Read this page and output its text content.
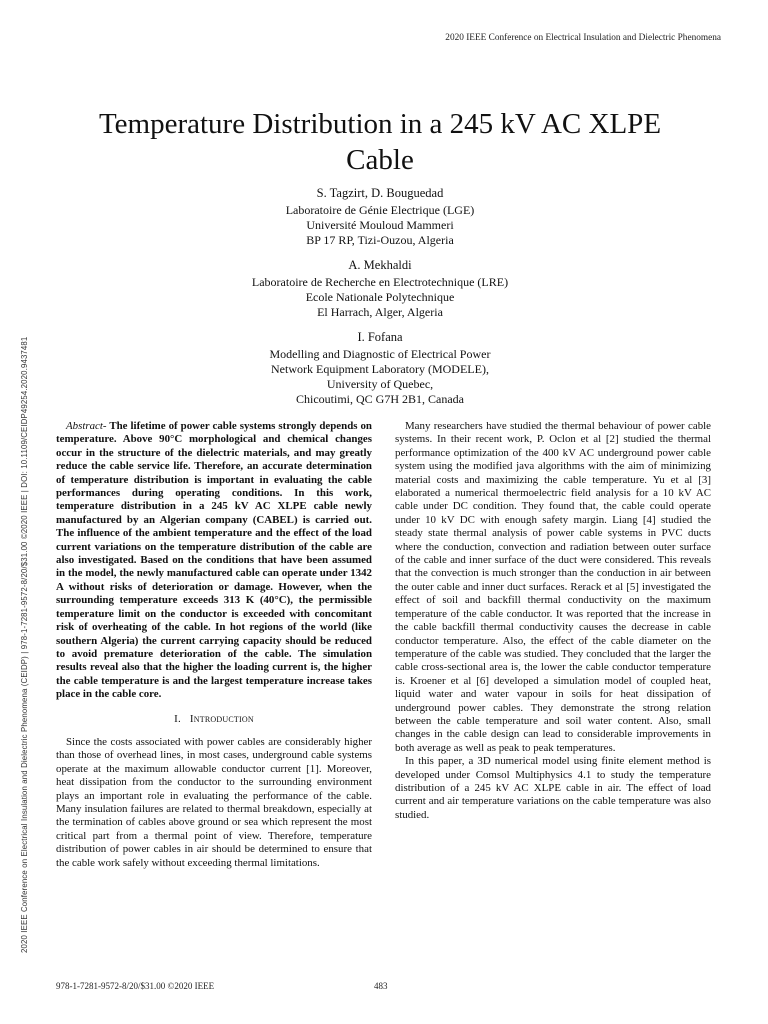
2020 IEEE Conference on Electrical Insulation and Dielectric Phenomena
2020 IEEE Conference on Electrical Insulation and Dielectric Phenomena (CEIDP) | 978-1-7281-9572-8/20/$31.00 ©2020 IEEE | DOI: 10.1109/CEIDP49254.2020.9437481
Temperature Distribution in a 245 kV AC XLPE Cable
S. Tagzirt, D. Bouguedad
Laboratoire de Génie Electrique (LGE)
Université Mouloud Mammeri
BP 17 RP, Tizi-Ouzou, Algeria
A. Mekhaldi
Laboratoire de Recherche en Electrotechnique (LRE)
Ecole Nationale Polytechnique
El Harrach, Alger, Algeria
I. Fofana
Modelling and Diagnostic of Electrical Power
Network Equipment Laboratory (MODELE),
University of Quebec,
Chicoutimi, QC G7H 2B1, Canada

Abstract- The lifetime of power cable systems strongly depends on temperature. Above 90°C morphological and chemical changes occur in the structure of the dielectric materials, and may greatly reduce the cable service life. Therefore, an accurate determination of temperature distribution is important in evaluating the cable performances during operating conditions. In this work, temperature distribution in a 245 kV AC XLPE cable newly manufactured by an Algerian company (CABEL) is carried out. The influence of the ambient temperature and the effect of the load current variations on the temperature distribution of the cable are also investigated. Based on the conditions that have been assumed in the model, the newly manufactured cable can operate under 1342 A without risks of deterioration or damage. However, when the surrounding temperature exceeds 313 K (40°C), the permissible temperature limit on the conductor is exceeded with concomitant risk of overheating of the cable. In hot regions of the world (like southern Algeria) the current carrying capacity should be reduced to avoid premature deterioration of the cable. The simulation results reveal also that the higher the loading current is, the higher the cable temperature is and the largest temperature increase takes place in the cable core.

I. Introduction

Since the costs associated with power cables are considerably higher than those of overhead lines, in most cases, underground cable systems operate at the maximum allowable conductor current [1]. Moreover, heat dissipation from the conductor to the surrounding environment plays an important role in evaluating the performance of the cable. Many insulation failures are related to thermal breakdown, especially at the termination of cables above ground or sea which represent the most critical part from a thermal point of view. Therefore, temperature distribution of power cables in air should be determined to ensure that the cable work safely without exceeding thermal limitations.

Many researchers have studied the thermal behaviour of power cable systems. In their recent work, P. Oclon et al [2] studied the thermal performance optimization of the 400 kV AC underground power cable system using the modified java algorithms with the aim of minimizing material costs and maximizing the cable temperature. Yu et al [3] elaborated a numerical thermoelectric field analysis for a 10 kV AC cable under DC condition. They found that, the cable could operate under 10 kV DC with enough safety margin. Liang [4] studied the steady state thermal analysis of power cable systems in PVC ducts where the conduction, convection and radiation between outer surface of the cable and inner surface of the duct were considered. This reveals that the convection is much stronger than the conduction in air between the outer cable and inner duct surfaces. Rerack et al [5] investigated the effect of soil and backfill thermal conductivity on the maximum temperature of the cable conductor. It was reported that the increase in the cable backfill thermal conductivity causes the decrease in cable conductor temperature. Also, the effect of the cable diameter on the temperature of the cable was studied. They concluded that the larger the cable cross-sectional area is, the lower the cable conductor temperature is. Kroener et al [6] developed a simulation model of coupled heat, liquid water and water vapour in soils for heat dissipation of underground power cables. They demonstrate the strong relation between the cable temperature and soil water content. Also, small changes in the cable design can lead to considerable improvements in both average as well as peak to peak temperatures.

In this paper, a 3D numerical model using finite element method is developed under Comsol Multiphysics 4.1 to study the temperature distribution of a 245 kV AC XLPE cable in air. The effect of load current and air temperature variations on the cable temperature was also studied.

978-1-7281-9572-8/20/$31.00 ©2020 IEEE	483
